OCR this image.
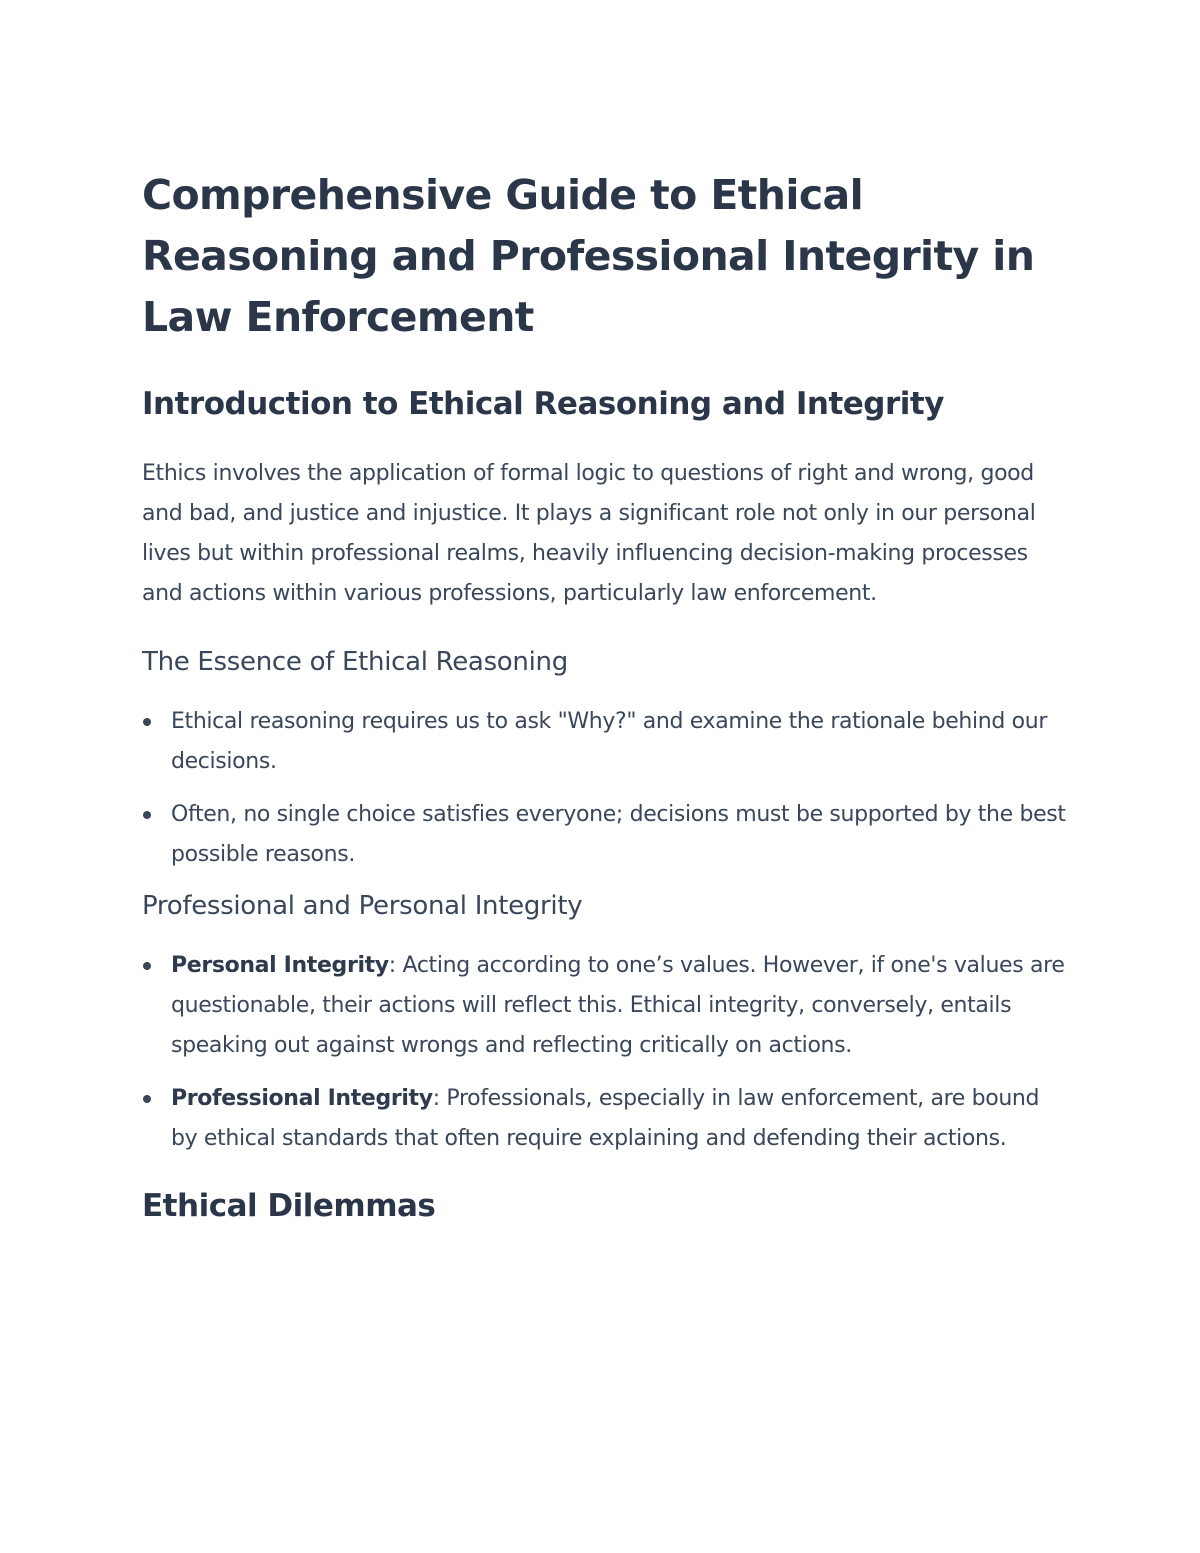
Comprehensive Guide to Ethical Reasoning and Professional Integrity in Law Enforcement
Introduction to Ethical Reasoning and Integrity

Ethics involves the application of formal logic to questions of right and wrong, good and bad, and justice and injustice. It plays a significant role not only in our personal lives but within professional realms, heavily influencing decision-making processes and actions within various professions, particularly law enforcement.

The Essence of Ethical Reasoning
Ethical reasoning requires us to ask "Why?" and examine the rationale behind our decisions.
Often, no single choice satisfies everyone; decisions must be supported by the best possible reasons.
Professional and Personal Integrity
Personal Integrity: Acting according to one’s values. However, if one's values are questionable, their actions will reflect this. Ethical integrity, conversely, entails speaking out against wrongs and reflecting critically on actions.
Professional Integrity: Professionals, especially in law enforcement, are bound by ethical standards that often require explaining and defending their actions.
Ethical Dilemmas
